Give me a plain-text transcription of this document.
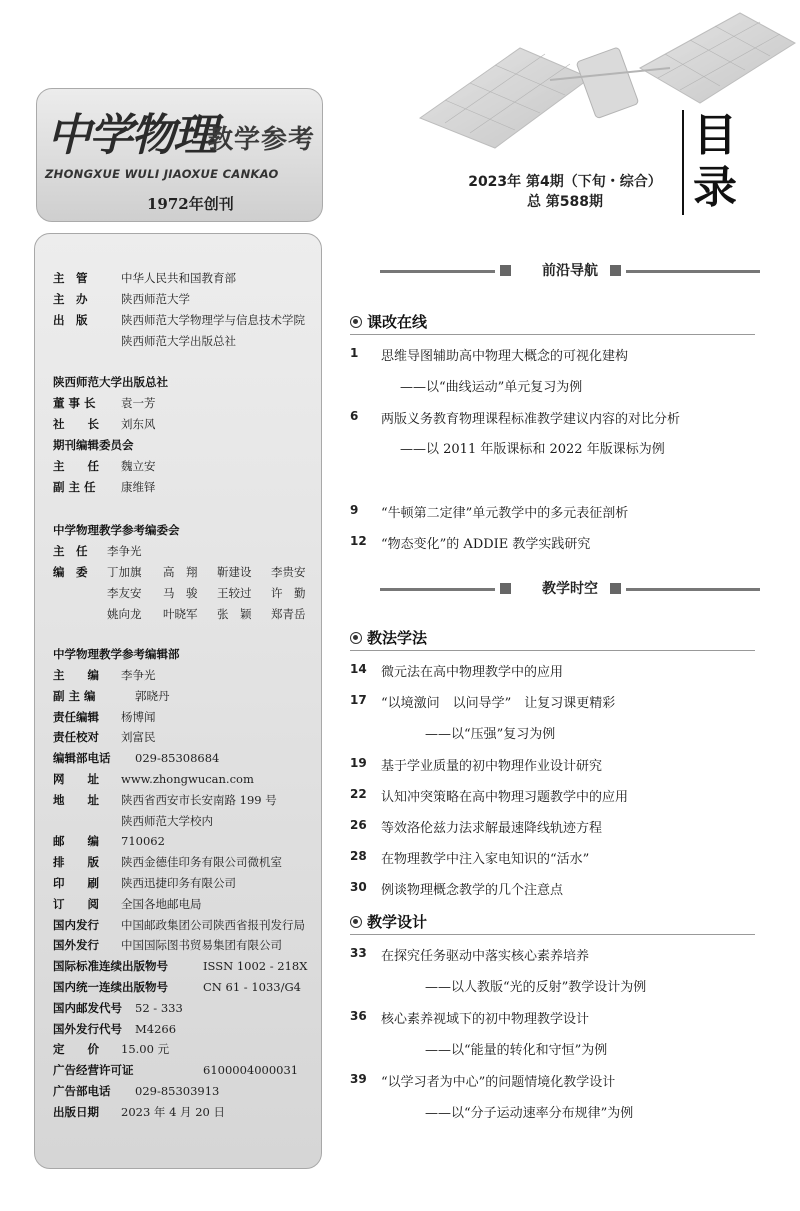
中学物理
教学参考
ZHONGXUE WULI JIAOXUE CANKAO
1972年创刊
2023年 第4期（下旬・综合）
总 第588期
目录
主　管	中华人民共和国教育部
主　办	陕西师范大学
出　版	陕西师范大学物理学与信息技术学院
陕西师范大学出版总社
陕西师范大学出版总社
董 事 长 袁一芳
社　　长 刘东风
期刊编辑委员会
主　　任 魏立安
副 主 任 康维铎
中学物理教学参考编委会
主　任 李争光
编　委 丁加旗 高　翔 靳建设 李贵安
李友安 马　骏 王较过 许　勤
姚向龙 叶晓军 张　颖 郑青岳
中学物理教学参考编辑部
主　　编 李争光
副 主 编	郭晓丹
责任编辑 杨博闻
责任校对 刘富民
编辑部电话 029-85308684
网　　址 www.zhongwucan.com
地　　址 陕西省西安市长安南路 199 号
陕西师范大学校内
邮　　编 710062
排　　版 陕西金德佳印务有限公司微机室
印　　刷 陕西迅捷印务有限公司
订　　阅 全国各地邮电局
国内发行 中国邮政集团公司陕西省报刊发行局
国外发行 中国国际图书贸易集团有限公司
国际标准连续出版物号	ISSN 1002 - 218X
国内统一连续出版物号	CN 61 - 1033/G4
国内邮发代号 52 - 333
国外发行代号 M4266
定　　价 15.00 元
广告经营许可证	6100004000031
广告部电话 029-85303913
出版日期 2023 年 4 月 20 日
前沿导航
课改在线
1 思维导图辅助高中物理大概念的可视化建构
——以“曲线运动”单元复习为例
6 两版义务教育物理课程标准教学建议内容的对比分析
——以 2011 年版课标和 2022 年版课标为例
9 “牛顿第二定律”单元教学中的多元表征剖析
12 “物态变化”的 ADDIE 教学实践研究
教学时空
教法学法
14 微元法在高中物理教学中的应用
17 “以境激问　以问导学”　让复习课更精彩
——以“压强”复习为例
19 基于学业质量的初中物理作业设计研究
22 认知冲突策略在高中物理习题教学中的应用
26 等效洛伦兹力法求解最速降线轨迹方程
28 在物理教学中注入家电知识的“活水”
30 例谈物理概念教学的几个注意点
教学设计
33 在探究任务驱动中落实核心素养培养
——以人教版“光的反射”教学设计为例
36 核心素养视域下的初中物理教学设计
——以“能量的转化和守恒”为例
39 “以学习者为中心”的问题情境化教学设计
——以“分子运动速率分布规律”为例
